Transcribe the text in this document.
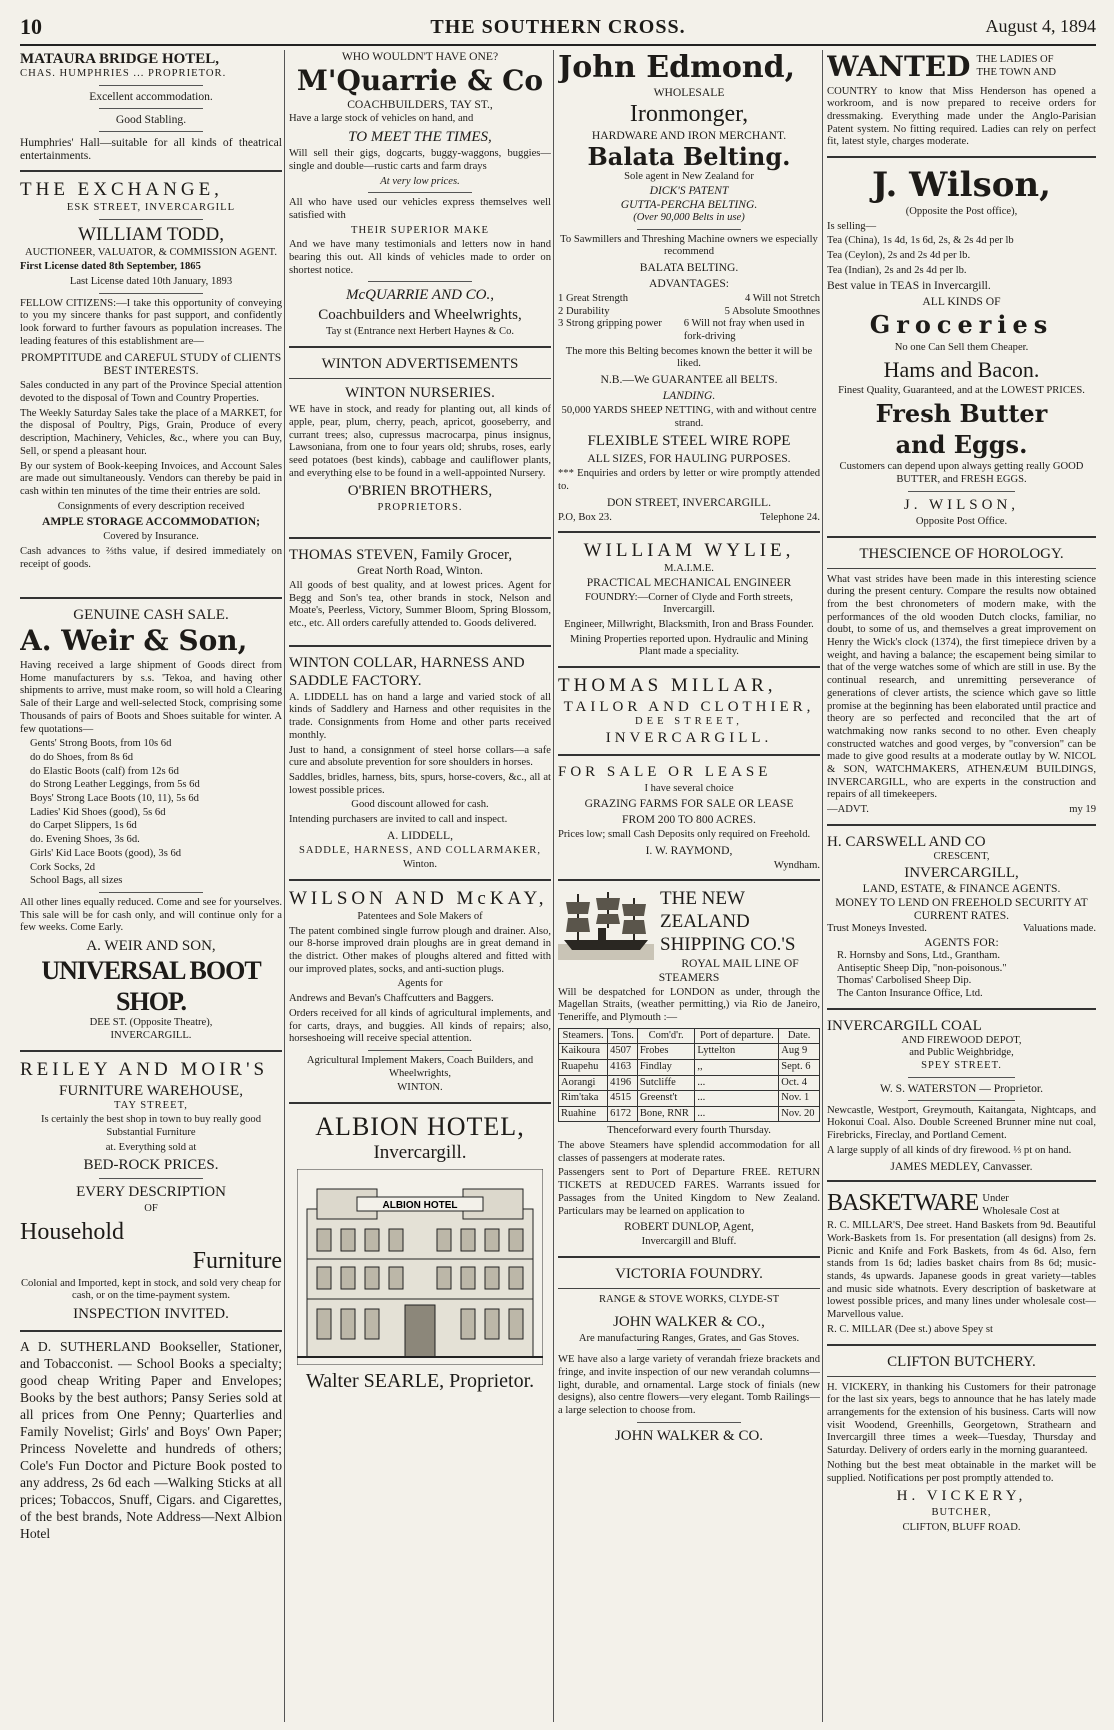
10	THE SOUTHERN CROSS.	August 4, 1894
MATAURA BRIDGE HOTEL,
CHAS. HUMPHRIES ... PROPRIETOR.

Excellent accommodation.

Good Stabling.

Humphries' Hall—suitable for all kinds of theatrical entertainments.

THE EXCHANGE,
ESK STREET, INVERCARGILL
WILLIAM TODD,
AUCTIONEER, VALUATOR, & COMMISSION AGENT.

First License dated 8th September, 1865

Last License dated 10th January, 1893

FELLOW CITIZENS:—I take this opportunity of conveying to you my sincere thanks for past support, and confidently look forward to further favours as population increases. The leading features of this establishment are—

PROMPTITUDE and CAREFUL STUDY of CLIENTS BEST INTERESTS.

Sales conducted in any part of the Province Special attention devoted to the disposal of Town and Country Properties.

The Weekly Saturday Sales take the place of a MARKET, for the disposal of Poultry, Pigs, Grain, Produce of every description, Machinery, Vehicles, &c., where you can Buy, Sell, or spend a pleasant hour.

By our system of Book-keeping Invoices, and Account Sales are made out simultaneously. Vendors can thereby be paid in cash within ten minutes of the time their entries are sold.

Consignments of every description received

AMPLE STORAGE ACCOMMODATION;

Covered by Insurance.

Cash advances to ⅔ths value, if desired immediately on receipt of goods.

GENUINE CASH SALE.
A. Weir & Son,

Having received a large shipment of Goods direct from Home manufacturers by s.s. 'Tekoa, and having other shipments to arrive, must make room, so will hold a Clearing Sale of their Large and well-selected Stock, comprising some Thousands of pairs of Boots and Shoes suitable for winter. A few quotations—

Gents' Strong Boots, from 10s 6d

do do Shoes, from 8s 6d

do Elastic Boots (calf) from 12s 6d

do Strong Leather Leggings, from 5s 6d

Boys' Strong Lace Boots (10, 11), 5s 6d

Ladies' Kid Shoes (good), 5s 6d

do Carpet Slippers, 1s 6d

do. Evening Shoes, 3s 6d.

Girls' Kid Lace Boots (good), 3s 6d

Cork Socks, 2d

School Bags, all sizes

All other lines equally reduced. Come and see for yourselves. This sale will be for cash only, and will continue only for a few weeks. Come Early.

A. WEIR AND SON,
UNIVERSAL BOOT SHOP.
DEE ST. (Opposite Theatre),
INVERCARGILL.
REILEY AND MOIR'S
FURNITURE WAREHOUSE,
TAY STREET,

Is certainly the best shop in town to buy really good Substantial Furniture

at. Everything sold at

BED-ROCK PRICES.

EVERY DESCRIPTION

OF

Household

Furniture

Colonial and Imported, kept in stock, and sold very cheap for cash, or on the time-payment system.

INSPECTION INVITED.

A D. SUTHERLAND Bookseller, Stationer, and Tobacconist. — School Books a specialty; good cheap Writing Paper and Envelopes; Books by the best authors; Pansy Series sold at all prices from One Penny; Quarterlies and Family Novelist; Girls' and Boys' Own Paper; Princess Novelette and hundreds of others; Cole's Fun Doctor and Picture Book posted to any address, 2s 6d each —Walking Sticks at all prices; Tobaccos, Snuff, Cigars. and Cigarettes, of the best brands, Note Address—Next Albion Hotel

WHO WOULDN'T HAVE ONE?
M'Quarrie & Co
COACHBUILDERS, TAY ST.,

Have a large stock of vehicles on hand, and

TO MEET THE TIMES,

Will sell their gigs, dogcarts, buggy-waggons, buggies—single and double—rustic carts and farm drays

At very low prices.

All who have used our vehicles express themselves well satisfied with

THEIR SUPERIOR MAKE

And we have many testimonials and letters now in hand bearing this out. All kinds of vehicles made to order on shortest notice.

McQUARRIE AND CO.,

Coachbuilders and Wheelwrights,

Tay st (Entrance next Herbert Haynes & Co.

WINTON ADVERTISEMENTS
WINTON NURSERIES.

WE have in stock, and ready for planting out, all kinds of apple, pear, plum, cherry, peach, apricot, gooseberry, and currant trees; also, cupressus macrocarpa, pinus insignus, Lawsoniana, from one to four years old; shrubs, roses, early seed potatoes (best kinds), cabbage and cauliflower plants, and everything else to be found in a well-appointed Nursery.

O'BRIEN BROTHERS,

PROPRIETORS.

THOMAS STEVEN, Family Grocer,
Great North Road, Winton.

All goods of best quality, and at lowest prices. Agent for Begg and Son's tea, other brands in stock, Nelson and Moate's, Peerless, Victory, Summer Bloom, Spring Blossom, etc., etc. All orders carefully attended to. Goods delivered.

WINTON COLLAR, HARNESS AND SADDLE FACTORY.

A. LIDDELL has on hand a large and varied stock of all kinds of Saddlery and Harness and other requisites in the trade. Consignments from Home and other parts received monthly.

Just to hand, a consignment of steel horse collars—a safe cure and absolute prevention for sore shoulders in horses.

Saddles, bridles, harness, bits, spurs, horse-covers, &c., all at lowest possible prices.

Good discount allowed for cash.

Intending purchasers are invited to call and inspect.

A. LIDDELL,

SADDLE, HARNESS, AND COLLARMAKER,

Winton.

WILSON AND McKAY,
Patentees and Sole Makers of

The patent combined single furrow plough and drainer. Also, our 8-horse improved drain ploughs are in great demand in the district. Other makes of ploughs altered and fitted with our improved plates, socks, and anti-suction plugs.

Agents for

Andrews and Bevan's Chaffcutters and Baggers.

Orders received for all kinds of agricultural implements, and for carts, drays, and buggies. All kinds of repairs; also, horseshoeing will receive special attention.

Agricultural Implement Makers, Coach Builders, and Wheelwrights,

WINTON.

ALBION HOTEL,
Invercargill.
ALBION HOTEL
Walter SEARLE, Proprietor.
John Edmond,
WHOLESALE
Ironmonger,
HARDWARE AND IRON MERCHANT.
Balata Belting.
Sole agent in New Zealand for
DICK'S PATENT
GUTTA-PERCHA BELTING.
(Over 90,000 Belts in use)

To Sawmillers and Threshing Machine owners we especially recommend

BALATA BELTING.

ADVANTAGES:

1 Great Strength	4 Will not Stretch
2 Durability	5 Absolute Smoothnes
3 Strong gripping power	6 Will not fray when used in fork-driving

The more this Belting becomes known the better it will be liked.

N.B.—We GUARANTEE all BELTS.

LANDING.

50,000 YARDS SHEEP NETTING, with and without centre strand.

FLEXIBLE STEEL WIRE ROPE

ALL SIZES, FOR HAULING PURPOSES.

*** Enquiries and orders by letter or wire promptly attended to.

DON STREET, INVERCARGILL.

P.O, Box 23.	Telephone 24.
WILLIAM WYLIE,
M.A.I.M.E.
PRACTICAL MECHANICAL ENGINEER

FOUNDRY:—Corner of Clyde and Forth streets, Invercargill.

Engineer, Millwright, Blacksmith, Iron and Brass Founder.

Mining Properties reported upon. Hydraulic and Mining Plant made a speciality.

THOMAS MILLAR,
TAILOR AND CLOTHIER,
DEE STREET,
INVERCARGILL.
FOR SALE OR LEASE

I have several choice

GRAZING FARMS FOR SALE OR LEASE

FROM 200 TO 800 ACRES.

Prices low; small Cash Deposits only required on Freehold.

I. W. RAYMOND,

Wyndham.

THE NEW ZEALAND SHIPPING CO.'S
ROYAL MAIL LINE OF STEAMERS

Will be despatched for LONDON as under, through the Magellan Straits, (weather permitting,) via Rio de Janeiro, Teneriffe, and Plymouth :—

Steamers.	Tons.	Com'd'r.	Port of departure.	Date.
Kaikoura	4507	Frobes	Lyttelton	Aug 9
Ruapehu	4163	Findlay	,,	Sept. 6
Aorangi	4196	Sutcliffe	...	Oct. 4
Rim'taka	4515	Greenst't	...	Nov. 1
Ruahine	6172	Bone, RNR	...	Nov. 20

Thenceforward every fourth Thursday.

The above Steamers have splendid accommodation for all classes of passengers at moderate rates.

Passengers sent to Port of Departure FREE. RETURN TICKETS at REDUCED FARES. Warrants issued for Passages from the United Kingdom to New Zealand. Particulars may be learned on application to

ROBERT DUNLOP, Agent,

Invercargill and Bluff.

VICTORIA FOUNDRY.
RANGE & STOVE WORKS, CLYDE-ST
JOHN WALKER & CO.,

Are manufacturing Ranges, Grates, and Gas Stoves.

WE have also a large variety of verandah frieze brackets and fringe, and invite inspection of our new verandah columns—light, durable, and ornamental. Large stock of finials (new designs), also centre flowers—very elegant. Tomb Railings—a large selection to choose from.

JOHN WALKER & CO.

WANTED THE LADIES OF
THE TOWN AND

COUNTRY to know that Miss Henderson has opened a workroom, and is now prepared to receive orders for dressmaking. Everything made under the Anglo-Parisian Patent system. No fitting required. Ladies can rely on perfect fit, latest style, charges moderate.

J. Wilson,
(Opposite the Post office),

Is selling—

Tea (China), 1s 4d, 1s 6d, 2s, & 2s 4d per lb

Tea (Ceylon), 2s and 2s 4d per lb.

Tea (Indian), 2s and 2s 4d per lb.

Best value in TEAS in Invercargill.

ALL KINDS OF

Groceries

No one Can Sell them Cheaper.

Hams and Bacon.

Finest Quality, Guaranteed, and at the LOWEST PRICES.

Fresh Butter

and Eggs.

Customers can depend upon always getting really GOOD BUTTER, and FRESH EGGS.

J. WILSON,

Opposite Post Office.

THESCIENCE OF HOROLOGY.

What vast strides have been made in this interesting science during the present century. Compare the results now obtained from the best chronometers of modern make, with the performances of the old wooden Dutch clocks, familiar, no doubt, to some of us, and themselves a great improvement on Henry the Wick's clock (1374), the first timepiece driven by a weight, and having a balance; the escapement being similar to that of the verge watches some of which are still in use. By the continual research, and unremitting perseverance of generations of clever artists, the science which gave so little promise at the beginning has been elaborated until practice and theory are so perfected and reconciled that the art of watchmaking now ranks second to no other. Even cheaply constructed watches and good verges, by "conversion" can be made to give good results at a moderate outlay by W. NICOL & SON, WATCHMAKERS, ATHENÆUM BUILDINGS, INVERCARGILL, who are experts in the construction and repairs of all timekeepers.

—ADVT.	my 19
H. CARSWELL AND CO
CRESCENT,
INVERCARGILL,
LAND, ESTATE, & FINANCE AGENTS.
MONEY TO LEND ON FREEHOLD SECURITY AT CURRENT RATES.
Trust Moneys Invested.	Valuations made.
AGENTS FOR:
R. Hornsby and Sons, Ltd., Grantham.
Antiseptic Sheep Dip, "non-poisonous."
Thomas' Carbolised Sheep Dip.
The Canton Insurance Office, Ltd.
INVERCARGILL COAL
AND FIREWOOD DEPOT,
and Public Weighbridge,
SPEY STREET.

W. S. WATERSTON — Proprietor.

Newcastle, Westport, Greymouth, Kaitangata, Nightcaps, and Hokonui Coal. Also. Double Screened Brunner mine nut coal, Firebricks, Fireclay, and Portland Cement.

A large supply of all kinds of dry firewood. ⅓ pt on hand.

JAMES MEDLEY, Canvasser.

BASKETWARE Under
Wholesale Cost at

R. C. MILLAR'S, Dee street. Hand Baskets from 9d. Beautiful Work-Baskets from 1s. For presentation (all designs) from 2s. Picnic and Knife and Fork Baskets, from 4s 6d. Also, fern stands from 1s 6d; ladies basket chairs from 8s 6d; music-stands, 4s upwards. Japanese goods in great variety—tables and music side whatnots. Every description of basketware at lowest possible prices, and many lines under wholesale cost—Marvellous value.

R. C. MILLAR (Dee st.) above Spey st

CLIFTON BUTCHERY.

H. VICKERY, in thanking his Customers for their patronage for the last six years, begs to announce that he has lately made arrangements for the extension of his business. Carts will now visit Woodend, Greenhills, Georgetown, Strathearn and Invercargill three times a week—Tuesday, Thursday and Saturday. Delivery of orders early in the morning guaranteed.

Nothing but the best meat obtainable in the market will be supplied. Notifications per post promptly attended to.

H. VICKERY,

BUTCHER,

CLIFTON, BLUFF ROAD.
